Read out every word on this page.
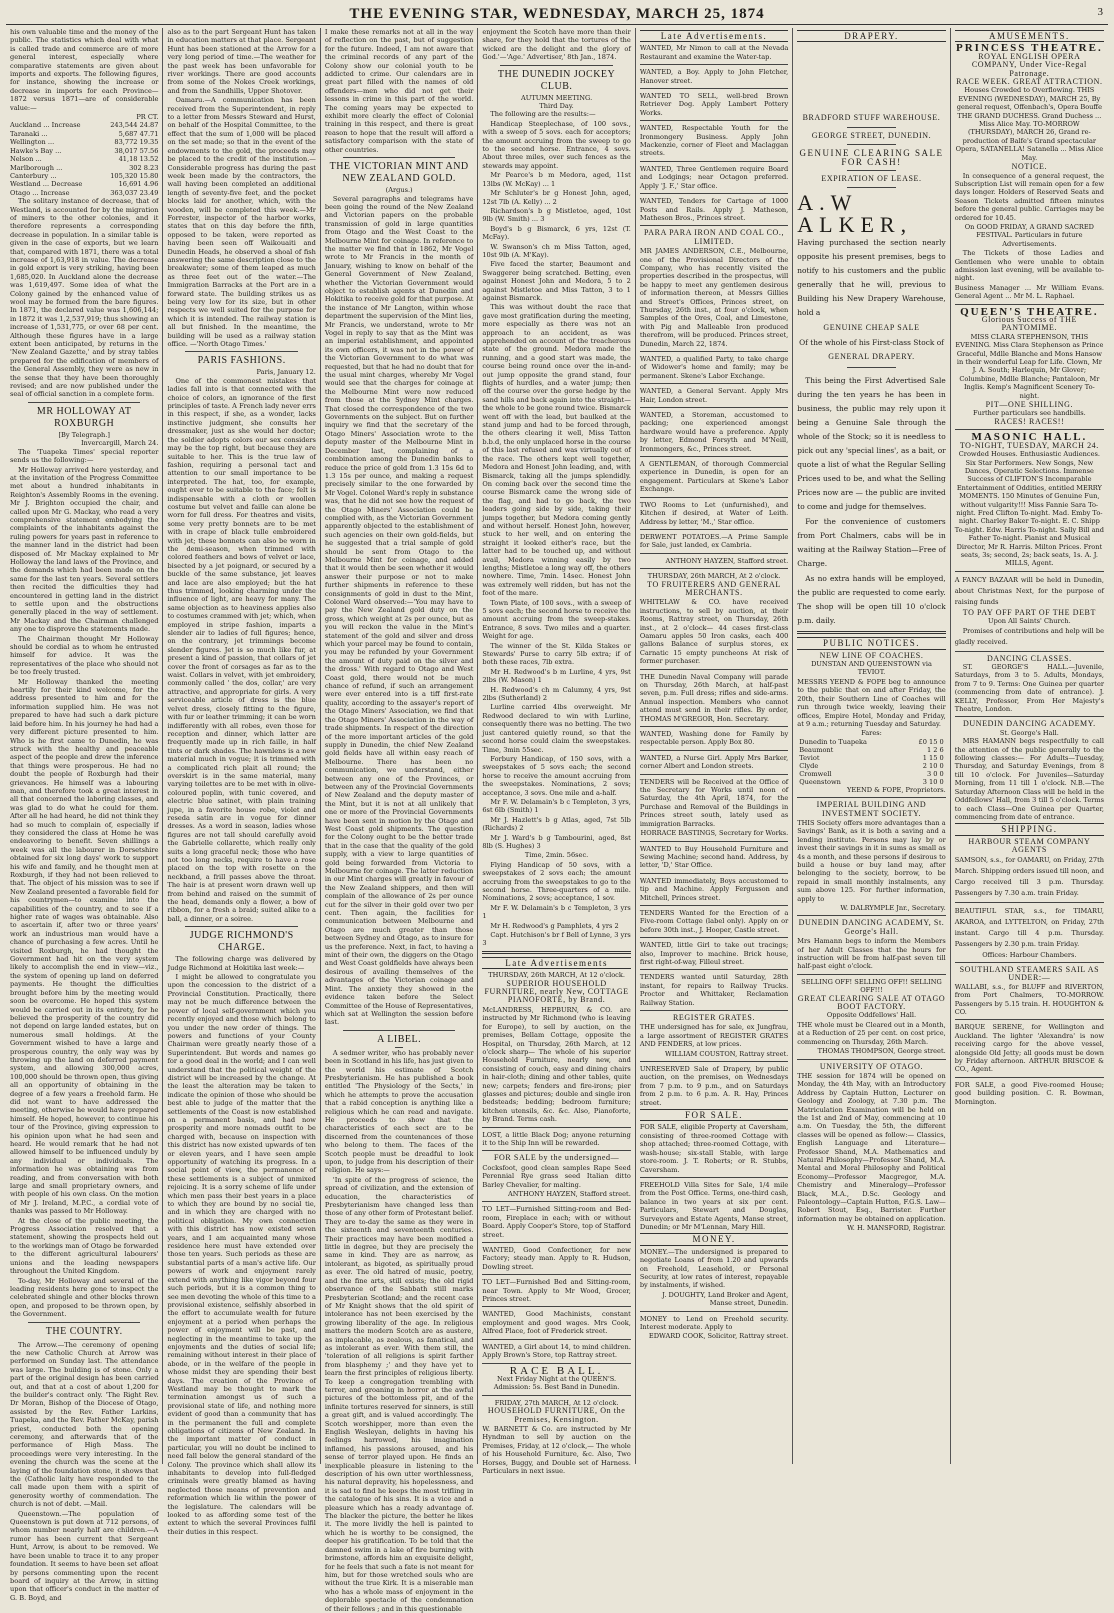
THE EVENING STAR, WEDNESDAY, MARCH 25, 1874	3

his own valuable time and the money of the public. The statistics which deal with what is called trade and commerce are of more general interest, especially where comparative statements are given about imports and exports. The following figures, for instance, showing the increase or decrease in imports for each Province—1872 versus 1871—are of considerable value:—

PR CT.
Auckland ... Increase	243,544 24.87
Taranaki ...	5,687 47.71
Wellington ...	83,772 19.35
Hawke's Bay ...	38,017 57.56
Nelson ...	41,18 13.52
Marlborough ...	302 8.23
Canterbury ...	105,320 15.80
Westland ... Decrease	16,691 4.96
Otago ... Increase	363,037 23.49

The solitary instance of decrease, that of Westland, is accounted for by the migration of miners to the other colonies, and it therefore represents a corresponding decrease in population. In a similar table is given in the case of exports, but we learn that, compared with 1871, there was a total increase of 1,63,918 in value. The decrease in gold export is very striking, having been 1,685,020. In Auckland alone the decrease was 1,619,497. Some idea of what the Colony gained by the enhanced value of wool may be formed from the bare figures. In 1871, the declared value was 1,606,144; in 1872 it was 1,2,537,919; thus showing an increase of 1,531,775, or over 68 per cent. Although these figures have in a large extent been anticipated, by returns in the 'New Zealand Gazette,' and by stray tables prepared for the edification of members of the General Assembly, they were as new in the sense that they have been thoroughly revised; and are now published under the seal of official sanction in a complete form.

MR HOLLOWAY AT ROXBURGH
[By Telegraph.]
Invercargill, March 24.

The 'Tuapeka Times' special reporter sends us the following:—

Mr Holloway arrived here yesterday, and at the invitation of the Progress Committee met about a hundred inhabitants in Reighton's Assembly Rooms in the evening. Mr J. Brighton occupied the chair, and called upon Mr G. Mackay, who read a very comprehensive statement embodying the complaints of the inhabitants against the ruling powers for years past in reference to the manner land in the district had been disposed of. Mr Mackay explained to Mr Holloway the land laws of the Province, and the demands which had been made on the same for the last ten years. Several settlers then recited the difficulties they had encountered in getting land in the district to settle upon and the obstructions generally placed in the way of settlement. Mr Mackay and the Chairman challenged any one to disprove the statements made.

The Chairman thought Mr Holloway should be cordial as to whom he entrusted himself for advice. It was the representatives of the place who should not be too freely trusted.

Mr Holloway thanked the meeting heartily for their kind welcome, for the address presented to him and for the information supplied him. He was not prepared to have had such a dark picture laid before him. In his journey he had had a very different picture presented to him. Who is he first came to Dunedin, he was struck with the healthy and peaceable aspect of the people and drew the inference that things were prosperous. He had no doubt the people of Roxburgh had their grievances. He himself was a labouring man, and therefore took a great interest in all that concerned the laboring classes, and was glad to do what he could for them. After all he had heard, he did not think they had so much to complain of, especially if they considered the class at Home he was endeavoring to benefit. Seven shillings a week was all the labourer in Dorsetshire obtained for six long days' work to support his wife and family, and he thought men at Roxburgh, if they had not been relieved to that. The object of his mission was to see if New Zealand presented a favorable field for his countrymen—to examine into the capabilities of the country, and to see if a higher rate of wages was obtainable. Also to ascertain if, after two or three years' work an industrious man would have a chance of purchasing a few acres. Until he visited Roxburgh, he had thought the Government had hit on the very system likely to accomplish the end in view—viz., the system of opening up land on deferred payments. He thought the difficulties brought before him by the meeting would soon be overcome. He hoped this system would be carried out in its entirety, for he believed the prosperity of the country did not depend on large landed estates, but on numerous small holdings. At the Government wished to have a large and prosperous country, the only way was by throwing up the land on deferred payment system, and allowing 300,000 acres, 100,000 should be thrown open, thus giving all an opportunity of obtaining in the degree of a few years a freehold farm. He did not want to have addressed the meeting, otherwise he would have prepared himself. He hoped, however, to continue his tour of the Province, giving expression to his opinion upon what he had seen and heard. He would remark that he had not allowed himself to be influenced unduly by any individual or individuals. The information he was obtaining was from reading, and from conversation with both large and small proprietary owners, and with people of his own class. On the motion of Mr J. Ireland, M.P.C., a cordial vote of thanks was passed to Mr Holloway.

At the close of the public meeting, the Progress Association resolved that a statement, showing the prospects held out to the workings man of Otago be forwarded to the different agricultural labourers' unions and the leading newspapers throughout the United Kingdom.

To-day, Mr Holloway and several of the leading residents here gone to inspect the celebrated shingle and other blocks thrown open, and proposed to be thrown open, by the Government.

THE COUNTRY.

The Arrow.—The ceremony of opening the new Catholic Church at Arrow was performed on Sunday last. The attendance was large. The building is of stone. Only a part of the original design has been carried out, and that at a cost of about 1,200 for the builder's contract only. 'The Right Rev. Dr Moran, Bishop of the Diocese of Otago, assisted by the Rev. Father Larkins, Tuapeka, and the Rev. Father McKay, parish priest, conducted both the opening ceremony, and afterwards that of the performance of High Mass. The proceedings were very interesting. In the evening the church was the scene at the laying of the foundation stone, it shows that the (Catholic laity have responded to the call made upon them with a spirit of generosity worthy of commendation. The church is not of debt. —Mail.

Queenstown.—The population of Queenstown is put down at 712 persons, of whom number nearly half are children.—A rumor has been current that Sergeant Hunt, Arrow, is about to be removed. We have been unable to trace it to any proper foundation. It seems to have been set afloat by persons commenting upon the recent board of inquiry at the Arrow, in sitting upon that officer's conduct in the matter of G. B. Boyd, and

also as to the part Sergeant Hunt has taken in education matters at that place. Sergeant Hunt has been stationed at the Arrow for a very long period of time.—The weather for the past week has been unfavorable for river workings. There are good accounts from some of the Nokes Creek workings, and from the Sandhills, Upper Shotover.

Oamaru.—A communication has been received from the Superintendent, in reply to a letter from Messrs Steward and Hurst, on behalf of the Hospital Committee, to the effect that the sum of 1,000 will be placed on the set made; so that in the event of the endowments to the gold, the proceeds may be placed to the credit of the institution.—Considerable progress has during the past week been made by the contractors, the wall having been completed an additional length of seventy-five feet, and the pocket blocks laid for another, which, with the wooden, will be completed this week.—Mr Forrester, inspector of the harbor works, states that on this day before the fifth, opposed to be taken, were reported as having been seen off Waikouaiti and Dunedin Heads, he observed a shoal of fish answering the same description close to the breakwater; some of them leaped as much as three feet out of the water.—The Immigration Barracks at the Port are in a forward state. The building strikes us as being very low for its size, but in other respects we well suited for the purpose for which it is intended. The railway station is all but finished. In the meantime, the building will be used as a railway station office. —'North Otago Times.'

PARIS FASHIONS.
Paris, January 12.

One of the commonest mistakes that ladies fall into is that connected with the choice of colors, an ignorance of the first principles of taste. A French lady never errs in this respect, if she, as a wonder, lacks instinctive judgment, she consults her dressmaker, just as she would her doctor; the soldier adopts colors our sex considers may be the top right, but because they are suitable to her. This is the true law of fashion, requiring a personal tact and attention to our small importance to be interpreted. The hat, too, for example, ought ever to be suitable to the face; felt is indispensable with a cloth or woollen costume but velvet and faille can alone be worn for full dress. For theatres and visits, some very pretty bonnets are to be met with in crape of black tulle embroidered with jet; these bonnets can also be worn in the demi-season, when trimmed with colored feathers and bows of velvet or lace, bisected by a jet poignard, or secured by a buckle of the same substance, jet leaves and lace are also employed; but the hat thus trimmed, looking charming under the influence of light, are heavy for many. The same objection as to heaviness applies also to costumes crammed with jet; which, when employed in stripe fashion, imparts a slender air to ladies of full figures; hence, on the contrary, jet trimmings become slender figures. Jet is so much like fur, at present a kind of passion, that collars of jet cover the front of corsages as far as to the waist. Collars in velvet, with jet embroidery, commonly called ' the dos, collar,' are very attractive, and appropriate for girls. A very serviceable article of dress is the blue velvet dress, closely fitting to the figure, with fur or leather trimming; it can be worn indifferently with all robes, even those for reception and dinner, which latter are frequently made up in rich faille, in half tints or dark shades. The hawnlens is a new material much in vogue; it is trimmed with a complicated rich plait all round; the overskirt is in the same material, many varying toilettes are to be met with in olive-coloured poplin, with tunic covered, and electric blue satinet, with plain training jupe, in a favorite house robe, violet and reseda satin are in vogue for dinner dresses. As a word in season, ladies whose figures are not tall should carefully avoid the Gabrielle collarette, which really only suits a long graceful neck; those who have not too long necks, require to have a rose placed on the top with rosette on the neckband, a frill passes above the throat. The hair is at present worn drawn well up from behind and raised on the summit of the head, demands only a flower, a bow of ribbon, for a fresh a braid; suited alike to a ball, a dinner, or a soiree.

JUDGE RICHMOND'S CHARGE.

The following charge was delivered by Judge Richmond at Hokitika last week:—

I might be allowed to congratulate you upon the concession to the district of a Provincial Constitution. Practically, there may not be much difference between the power of local self-government which you recently enjoyed and those which belong to you under the new order of things. The powers and functions of your County Chairman were greatly nearly those of a Superintendent. But words and names go for a good deal in the world; and I can well understand that the political weight of the district will be increased by the change. At the least the alteration may be taken to indicate the opinion of those who should be best able to judge of the matter that the settlements of the Coast is now established on a permanent basis, and had now prosperity and more nomads outfit to be charged with, because on inspection with this district has now existed upwards of ten or eleven years, and I have seen ample opportunity of watching its progress. In a social point of view, the permanence of these settlements is a subject of unmixed rejoicing. It is a sorry scheme of life under which men pass their best years in a place to which they are bound by no social tie, and in which they are charged with no political obligation. My own connection with this district has now existed seven years, and I am acquainted many whose residence here must have extended over those ten years. Such periods as these are substantial parts of a man's active life. Our powers of work and enjoyment rarely extend with anything like vigor beyond four such periods, but it is a common thing to see men devoting the whole of this time to a provisional existence, selfishly absorbed in the effort to accumulate wealth for future enjoyment at a period when perhaps the power of enjoyment will be past, and neglecting in the meantime to take up the enjoyments and the duties of social life; remaining without interest in their place of abode, or in the welfare of the people in whose midst they are spending their best days. The creation of the Province of Westland may be thought to mark the termination amongst us of such a provisional state of life, and nothing more evident of good than a community that has in the permanent the full and complete obligations of citizens of New Zealand. In the important matter of conduct in particular, you will no doubt be inclined to need fall below the general standard of the Colony. The province which shall allow its inhabitants to develop into full-fledged criminals were greatly blamed as having neglected those means of prevention and reformation which lie within the power of the legislature. The calendars will be looked to as affording some test of the extent to which the several Provinces fulfil their duties in this respect.

I make these remarks not at all in the way of reflection on the past, but of suggestion for the future. Indeed, I am not aware that the criminal records of any part of the Colony show our colonial youth to be addicted to crime. Our calendars are in great part filled with the names of old offenders—men who did not get their lessons in crime in this part of the world. The coming years may be expected to exhibit more clearly the effect of Colonial training in this respect, and there is great reason to hope that the result will afford a satisfactory comparison with the state of other countries.

THE VICTORIAN MINT AND NEW ZEALAND GOLD.
(Argus.)

Several paragraphs and telegrams have been going the round of the New Zealand and Victorian papers on the probable transmission of gold in large quantities from Otago and the West Coast to the Melbourne Mint for coinage. In reference to the matter we find that in 1862, Mr Vogel wrote to Mr Francis in the month of January, wishing to know on behalf of the General Government of New Zealand, whether the Victorian Government would object to establish agents at Dunedin and Hokitika to receive gold for that purpose. At the instance of Mr Langton, within whose department the supervision of the Mint lies, Mr Francis, we understand, wrote to Mr Vogel in reply to say that as the Mint was an imperial establishment, and appointed its own officers, it was not in the power of the Victorian Government to do what was requested, but that he had no doubt that for the usual mint charges, whereby Mr Vogel would see that the charges for coinage at the Melbourne Mint were now reduced from those at the Sydney Mint charges. That closed the correspondence of the two Governments on the subject. But on further inquiry we find that the secretary of the Otago Miners' Association wrote to the deputy master of the Melbourne Mint in December last, complaining of a combination among the Dunedin banks to reduce the price of gold from 1.3 15s 6d to 1.3 15s per ounce, and making a request precisely similar to the one forwarded by Mr Vogel. Colonel Ward's reply in substance was, that he did not see how the request of the Otago Miners' Association could be complied with, as the Victorian Government apparently objected to the establishment of such agencies on their own gold-fields, but he suggested that a trial sample of gold should be sent from Otago to the Melbourne Mint for coinage, and added that it would then be seen whether it would answer their purpose or not to make further shipments in reference to these consignments of gold in dust to the Mint, Colonel Ward observed:—'You may have to pay the New Zealand gold duty on the gross, which weight at 2s per ounce, but as you will reckon the value in the Mint's statement of the gold and silver and dross which your parcel may be found to contain, you may be refunded by your Government the amount of duty paid on the silver and the dross.' With regard to Otago and West Coast gold, there would not be much chance of refund, if such an arrangement were ever entered into is a tiff first-rate quality, according to the assayer's report of the Otago Miners' Association, we find that the Otago Miners' Association in the way of trade shipments. In respect of the direction of the more important articles of the gold supply in Dunedin, the chief New Zealand gold fields have all within easy reach of Melbourne. There has been no communication, we understand, either between any one of the Provinces, or between any of the Provincial Governments of New Zealand and the deputy master of the Mint, but it is not at all unlikely that one or more of the Provincial Governments have been sent in motion by the Otago and West Coast gold shipments. The question for the Colony ought to be the better trade that in the case that the quality of the gold supply, with a view to large quantities of gold being forwarded from Victoria to Melbourne for coinage. The latter reduction in our Mint charges will greatly in favour of the New Zealand shippers, and then will complain of the allowance of 2s per ounce cut for the silver in their gold over two per cent. Then again, the facilities for communication between Melbourne and Otago are much greater than those between Sydney and Otago, as to insure for us the preference. Next, in fact, to having a mint of their own, the diggers on the Otago and West Coast goldfields have always been desirous of availing themselves of the advantages of the Victorian coinage and Mint. The anxiety they showed in the evidence taken before the Select Committee of the House of Representatives, which sat at Wellington the session before last.

A LIBEL.

A sedmer writer, who has probably never been in Scotland in his life, has just given to the world his estimate of Scotch Presbyterianism. He has published a book entitled 'The Physiology of the Sects,' in which he attempts to prove the accusation that a rabid conception is anything like a religious which he can read and navigate. He proceeds to show that the characteristics of each sect are to be discerned from the countenances of those who belong to them. The faces of the Scotch people must be dreadful to look upon, to judge from his description of their religion. He says:—

'In spite of the progress of science, the spread of civilization, and the extension of education, the characteristics of Presbyterianism have changed less than those of any other form of Protestant belief. They are to-day the same as they were in the sixteenth and seventeenth centuries. Their practices may have been modified a little in degree, but they are precisely the same in kind. They are as narrow, as intolerant, as bigoted, as spiritually proud as ever. The old hatred of music, poetry, and the fine arts, still exists; the old rigid observance of the Sabbath still marks Presbyterian Scotland; and the recent case of Mr Knight shows that the old spirit of intolerance has not been exercised by the growing liberality of the age. In religious matters the modern Scotch are as austere, as implacable, as zealous, as fanatical, and as intolerant as ever. With them still, the 'toleration of all religions is spirit farther from blasphemy ;' and they have yet to learn the first principles of religious liberty. To keep a congregation trembling with terror, and groaning in horror at the awful pictures of the bottomless pit, and of the infinite tortures reserved for sinners, is still a great gift, and is valued accordingly. The Scotch worshipper, more than even the English Wesleyan, delights in having his feelings harrowed, his imagination inflamed, his passions aroused, and his sense of terror played upon. He finds an inexplicable pleasure in listening to the description of his own utter worthlessness, his natural depravity, his hopelessness, and it is sad to find he keeps the most trifling in the catalogue of his sins. It is a vice and a pleasure which has a ready advantage of. The blacker the picture, the better he likes it. The more lividly the hell is painted to which he is worthy to be consigned, the deeper his gratification. To be told that the damned swim in a lake of fire burning with brimstone, affords him an exquisite delight, for he feels that such a fate is not meant for him, but for those wretched souls who are without the true Kirk. It is a miserable man who has a whole mass of enjoyment in the deplorable spectacle of the condemnation of their fellows ; and in this questionable

enjoyment the Scotch have more than their share, for they hold that the tortures of the wicked are the delight and the glory of God.'—'Age.' Advertiser,' 8th Jan., 1874.

THE DUNEDIN JOCKEY CLUB.
AUTUMN MEETING.
Third Day.

The following are the results:—

Handicap Steeplechase, of 100 sovs., with a sweep of 5 sovs. each for acceptors; the amount accruing from the sweep to go to the second horse. Entrance, 4 sovs. About three miles, over such fences as the stewards may appoint.

Mr Pearce's b m Medora, aged, 11st 13lbs (W. McKay) ... 1

Mr Schluter's br g Honest John, aged, 12st 7lb (A. Kelly) ... 2

Richardson's b g Mistletoe, aged, 10st 9lb (W. Smith) ... 3

Boyd's b g Bismarck, 6 yrs, 12st (T. McFay).

W. Swanson's ch m Miss Tatton, aged, 10st 9lb (A. M'Kay).

Five faced the starter, Beaumont and Swaggerer being scratched. Betting, even against Honest John and Medora, 5 to 2 against Mistletoe and Miss Tatton, 3 to 1 against Bismarck.

This was without doubt the race that gave most gratification during the meeting, more especially as there was not an approach to an accident, as was apprehended on account of the treacherous state of the ground. Medora made the running, and a good start was made, the course being round once over the in-and-out jump opposite the grand stand, four flights of hurdles, and a water jump; then off the course over the gorse hedge by the sand hills and back again into the straight—the whole to be gone round twice. Bismarck went off with the lead, but baulked at the stand jump and had to be forced through, the others clearing it well, Miss Tatton b.b.d, the only unplaced horse in the course of this last refused and was virtually out of the race. The others kept well together, Medora and Honest John leading, and, with Bismarck, taking all the jumps splendidly. On coming back over the second time the course Bismarck came the wrong side of the flag, and had to go back, the two leaders going side by side, taking their jumps together, but Medora coming gently and without herself. Honest John, however, stuck to her well, and on entering the straight it looked either's race, but the latter had to be touched up, and without avail, Medora winning easily by two lengths; Mistletoe a long way off, the others nowhere. Time, 7min. 14sec. Honest John was extremely well ridden, but has not the foot of the mare.

Town Plate, of 100 sovs., with a sweep of 5 sovs each; the second horse to receive the amount accruing from the sweep-stakes. Entrance, 8 sovs. Two miles and a quarter. Weight for age.

The winner of the St. Kilda Stakes or Stewards' Purse to carry 5lb extra; if of both these races, 7lb extra.

Mr H. Redwood's b m Lurline, 4 yrs, 9st 2lbs (W. Mason) 1

H. Redwood's ch m Calumny, 4 yrs, 9st 2lbs (Sutherland) 2

Lurline carried 4lbs overweight. Mr Redwood declared to win with Lurline, consequently there was no betting. The two just cantered quietly round, so that the second horse could claim the sweepstakes. Time, 3min 55sec.

Forbury Handicap, of 150 sovs, with a sweepstakes of 5 sovs each; the second horse to receive the amount accruing from the sweepstakes. Nominations, 2 sovs; acceptance, 3 sovs. One mile and a-half.

Mr F. W. Delamain's b c Templeton, 3 yrs, 6st 6lb (Smith) 1

Mr J. Hazlett's b g Atlas, aged, 7st 5lb (Richards) 2

Mr J. Ward's b g Tambourini, aged, 8st 8lb (S. Hughes) 3

Time, 2min. 56sec.

Flying Handicap of 50 sovs, with a sweepstakes of 2 sovs each; the amount accruing from the sweepstakes to go to the second horse. Three-quarters of a mile. Nominations, 2 sovs; acceptance, 1 sov.

Mr F. W. Delamain's b c Templeton, 3 yrs 1

Mr H. Redwood's g Pamphlets, 4 yrs 2

Capt. Hutchison's br f Bell of Lynne, 3 yrs 3

Late Advertisements
THURSDAY, 26th MARCH, At 12 o'clock.
SUPERIOR HOUSEHOLD FURNITURE, nearly New, COTTAGE PIANOFORTE, by Brand.

McLANDRESS, HEPBURN, & CO. are instructed by Mr Richmond (who is leaving for Europe), to sell by auction, on the premises, Bellam Cottage, opposite the Hospital, on Thursday, 26th March, at 12 o'clock sharp— The whole of his superior Household Furniture, nearly new, and consisting of couch, easy and dining chairs in hair-cloth; dining and other tables, quite new; carpets; fenders and fire-irons; pier glasses and pictures; double and single iron bedsteads; bedding; bedroom furniture; kitchen utensils, &c. &c. Also, Pianoforte, by Brand. Terms cash.

LOST, a little Black Dog; anyone returning it to the Ship Inn will be rewarded.

FOR SALE by the undersigned—

Cocksfoot, good clean samples Rape Seed Perennial Rye grass seed Italian ditto Barley Chevalier, for malting.

ANTHONY HAYZEN, Stafford street.

TO LET—Furnished Sitting-room and Bed-room, Fireplace in each; with or without Board. Apply Cooper's Store, top of Stafford street.

WANTED, Good Confectioner, for new Factory; steady man. Apply to R. Hudson, Dowling street.

TO LET—Furnished Bed and Sitting-room, near Town. Apply to Mr Wood, Grocer, Princes street.

WANTED, Good Machinists, constant employment and good wages. Mrs Cook, Alfred Place, foot of Frederick street.

WANTED, a Girl about 14, to mind children. Apply Brown's Store, top Rattray street.

RACE BALL.
Next Friday Night at the QUEEN'S. Admission: 5s. Best Band in Dunedin.
FRIDAY, 27th MARCH, At 12 o'clock.
HOUSEHOLD FURNITURE, On the Premises, Kensington.

W. BARNETT & Co. are instructed by Mr Hyndman to sell by auction on the Premises, Friday, at 12 o'clock,— The whole of his Household Furniture, &c. Also, Two Horses, Buggy, and Double set of Harness. Particulars in next issue.

Late Advertisements.

WANTED, Mr Nimon to call at the Nevada Restaurant and examine the Water-tap.

WANTED, a Boy. Apply to John Fletcher, Hanover street.

WANTED TO SELL, well-bred Brown Retriever Dog. Apply Lambert Pottery Works.

WANTED, Respectable Youth for the Ironmongery Business. Apply John Mackenzie, corner of Fleet and Maclaggan streets.

WANTED, Three Gentlemen require Board and Lodgings; near Octagon preferred. Apply 'J. F.,' Star office.

WANTED, Tenders for Cartage of 1000 Posts and Rails. Apply J. Matheson, Matheson Bros., Princes street.

PARA PARA IRON AND COAL CO., LIMITED.

MR JAMES ANDERSON, C.E., Melbourne, one of the Provisional Directors of the Company, who has recently visited the properties described in the prospectus, will be happy to meet any gentlemen desirous of information thereon, at Messrs Gillies and Street's Offices, Princes street, on Thursday, 26th inst., at four o'clock, when Samples of the Ores, Coal, and Limestone, with Pig and Malleable Iron produced therefrom, will be produced. Princes street, Dunedin, March 22, 1874.

WANTED, a qualified Party, to take charge of Widower's home and family; may be permanent. Skene's Labor Exchange.

WANTED, a General Servant. Apply Mrs Hair, London street.

WANTED, a Storeman, accustomed to packing; one experienced amongst hardware would have a preference. Apply by letter, Edmond Forsyth and M'Neill, Ironmongers, &c., Princes street.

A GENTLEMAN, of thorough Commercial experience in Dunedin, is open for an engagement. Particulars at Skene's Labor Exchange.

TWO Rooms to Let (unfurnished), and Kitchen if desired, at Water of Leith. Address by letter, 'M.,' Star office.

DERWENT POTATOES.—A Prime Sample for Sale, just landed, ex Cambria.

ANTHONY HAYZEN, Stafford street.
THURSDAY, 26th MARCH, At 2 o'clock.
TO FRUITERERS AND GENERAL MERCHANTS.

WHITELAW & CO. have received instructions, to sell by auction, at their Rooms, Rattray street, on Thursday, 26th inst., at 2 o'clock— 44 cases first-class Oamaru apples 50 Iron casks, each 400 gallons Balance of surplus stores, ex Carnatic 15 empty puncheons At risk of former purchaser.

THE Dunedin Naval Company will parade on Thursday, 26th March, at half-past seven, p.m. Full dress; rifles and side-arms. Annual inspection. Members who cannot attend must send in their rifles. By order, THOMAS M'GREGOR, Hon. Secretary.

WANTED, Washing done for Family by respectable person. Apply Box 80.

WANTED, a Nurse Girl. Apply Mrs Barker, corner Albert and London streets.

TENDERS will be Received at the Office of the Secretary for Works until noon of Saturday, the 4th April, 1874, for the Purchase and Removal of the Buildings in Princes street south, lately used as immigration Barracks.

HORRACE BASTINGS, Secretary for Works.

WANTED to Buy Household Furniture and Sewing Machine; second hand. Address, by letter, 'D,' Star Office.

WANTED immediately, Boys accustomed to tip and Machine. Apply Fergusson and Mitchell, Princes street.

TENDERS Wanted for the Erection of a Five-room Cottage (label only). Apply on or before 30th inst., J. Hooper, Castle street.

WANTED, little Girl to take out tracings; also, Improver to machine. Brick house, first right-of-way, Filleul street.

TENDERS wanted until Saturday, 28th instant, for repairs to Railway Trucks. Proctor and Whittaker, Reclamation Railway Station.

REGISTER GRATES.

THE undersigned has for sale, ex Jungfrau, a large assortment of REGISTER GRATES AND FENDERS, at low prices.

WILLIAM COUSTON, Rattray street.

UNRESERVED Sale of Drapery, by public auction, on the premises, on Wednesdays from 7 p.m. to 9 p.m., and on Saturdays from 2 p.m. to 6 p.m. A. R. Hay, Princes street.

FOR SALE.

FOR SALE, eligible Property at Caversham, consisting of three-roomed Cottage with shop attached; three-roomed Cottage, with wash-house; six-stall Stable, with large store-room. J. T. Roberts; or R. Stubbs, Caversham.

FREEHOLD Villa Sites for Sale, 1/4 mile from the Post Office. Terms, one-third cash, balance in two years at six per cent. Particulars, Stewart and Douglas, Surveyors and Estate Agents, Manse street, Dunedin; or Mr M'Lennan, Mary Hill.

MONEY.

MONEY.—The undersigned is prepared to negotiate Loans of from 1.20 and upwards on Freehold, Leasehold, or Personal Security, at low rates of interest, repayable by instalments, if wished.

J. DOUGHTY, Land Broker and Agent, Manse street, Dunedin.

MONEY to Lend on Freehold security. Interest moderate. Apply to

EDWARD COOK, Solicitor, Rattray street.
DRAPERY.
BRADFORD STUFF WAREHOUSE.
GEORGE STREET, DUNEDIN.
GENUINE CLEARING SALE FOR CASH!
EXPIRATION OF LEASE.
A.W ALKER,

Having purchased the section nearly opposite his present premises, begs to notify to his customers and the public generally that he will, previous to Building his New Drapery Warehouse, hold a

GENUINE CHEAP SALE

Of the whole of his First-class Stock of

GENERAL DRAPERY.

This being the First Advertised Sale during the ten years he has been in business, the public may rely upon it being a Genuine Sale through the whole of the Stock; so it is needless to pick out any 'special lines', as a bait, or quote a list of what the Regular Selling Prices used to be, and what the Selling Prices now are — the public are invited to come and judge for themselves.

For the convenience of customers from Port Chalmers, cabs will be in waiting at the Railway Station—Free of Charge.

As no extra hands will be employed, the public are requested to come early. The shop will be open till 10 o'clock p.m. daily.

PUBLIC NOTICES.
NEW LINE OF COACHES.
DUNSTAN AND QUEENSTOWN via TEVIOT.

MESSRS YEEND & FOPE beg to announce to the public that on and after Friday, the 20th, their Southern Line of Coaches will run through twice weekly, leaving their offices, Empire Hotel, Monday and Friday, at 9 a.m.; returning Tuesday and Saturday.

Fares:
Dunedin to Tuapeka	£0 15 0
Beaumont	1 2 6
Teviot	1 15 0
Clyde	2 10 0
Cromwell	3 0 0
Queenstown	3 10 0
YEEND & FOPE, Proprietors.
IMPERIAL BUILDING AND INVESTMENT SOCIETY.

THIS Society offers more advantages than a Savings' Bank, as it is both a saving and a lending institute. Persons may lay by or invest their savings in it in sums as small as 4s a month, and these persons if desirous to build a house or buy land may, after belonging to the society, borrow, to be repaid in small monthly instalments, any sum above 125. For further information, apply to

W. DALRYMPLE Jnr., Secretary.
DUNEDIN DANCING ACADEMY, St. George's Hall.

Mrs Hamann begs to inform the Members of her Adult Classes that the hours for instruction will be from half-past seven till half-past eight o'clock.

SELLING OFF! SELLING OFF!! SELLING OFF!!!
GREAT CLEARING SALE AT OTAGO BOOT FACTORY.
Opposite Oddfellows' Hall.

THE whole must be Cleared out in a Month, at a Reduction of 25 per cent. on cost price, commencing on Thursday, 26th March.

THOMAS THOMPSON, George street.
UNIVERSITY OF OTAGO.

THE session for 1874 will be opened on Monday, the 4th May, with an Introductory Address by Captain Hutton, Lecturer on Geology and Zoology, at 7.30 p.m. The Matriculation Examination will be held on the 1st and 2nd of May, commencing at 10 a.m. On Tuesday, the 5th, the different classes will be opened as follow:— Classics, English Language and Literature—Professor Shand, M.A. Mathematics and Natural Philosophy—Professor Shand, M.A. Mental and Moral Philosophy and Political Economy—Professor Macgregor, M.A. Chemistry and Mineralogy—Professor Black, M.A., D.Sc. Geology and Paleontology—Captain Hutton, F.G.S. Law—Robert Stout, Esq., Barrister. Further information may be obtained on application.

W. H. MANSFORD, Registrar.
AMUSEMENTS.
PRINCESS THEATRE.
ROYAL ENGLISH OPERA COMPANY, Under Vice-Regal Patronage.
RACE WEEK. GREAT ATTRACTION.

Houses Crowded to Overflowing. THIS EVENING (WEDNESDAY), MARCH 25, By general request, Offenbach's, Opera Bouffe THE GRAND DUCHESS. Grand Duchess ... Miss Alice May. TO-MORROW (THURSDAY), MARCH 26, Grand re-production of Balfe's Grand spectacular Opera, SATANELLA! Satanella ... Miss Alice May.

NOTICE.

In consequence of a general request, the Subscription List will remain open for a few days longer. Holders of Reserved Seats and Season Tickets admitted fifteen minutes before the general public. Carriages may be ordered for 10.45.

On GOOD FRIDAY, A GRAND SACRED FESTIVAL. Particulars in future Advertisements.

The Tickets of those Ladies and Gentlemen who were unable to obtain admission last evening, will be available to-night.

Business Manager ... Mr William Evans. General Agent ... Mr M. L. Raphael.

QUEEN'S THEATRE.
Glorious Success of THE PANTOMIME.

MISS CLARA STEPHENSON, THIS EVENING. Miss Clara Stephenson as Prince Graceful, Mdlle Blanche and Mons Hansow in their wonderful Leap for Life. Clown, Mr J. A. South; Harlequin, Mr Glover; Columbine, Mdlle Blanche; Pantaloon, Mr Inglis. Kemp's Magnificent Scenery To-night.

PIT—ONE SHILLING.
Further particulars see handbills.
RACES! RACES!!
MASONIC HALL.
TO-NIGHT, TUESDAY, MARCH 24.

Crowded Houses. Enthusiastic Audiences. Six Star Performers. New Songs, New Dances, Operatic Selections. Immense Success of CLIFTON'S Incomparable Entertainment of Oddities, entitled MERRY MOMENTS. 150 Minutes of Genuine Fun, without vulgarity!!! Miss Fannie Sara To-night. Fred Clifton To-night. Mad. Emby To-night. Charley Baker To-night. E. C. Shipp To-night. Edw. Harris To-night. Sally Bill and Father To-night. Pianist and Musical Director, Mr R. Harris. Milton Prices. Front seats, 3s; second, 2s; back seats, 1s. A. J. MILLS, Agent.

A FANCY BAZAAR will be held in Dunedin, about Christmas Next, for the purpose of raising funds

TO PAY OFF PART OF THE DEBT
Upon All Saints' Church.

Promises of contributions and help will be gladly received.

DANCING CLASSES.

ST. GEORGE'S HALL.—Juvenile, Saturdays, from 3 to 5. Adults, Mondays, from 7 to 9. Terms: One Guinea per quarter (commencing from date of entrance). J. KELLY, Professor, From Her Majesty's Theatre, London.

DUNEDIN DANCING ACADEMY.
St. George's Hall.

MRS HAMANN begs respectfully to call the attention of the public generally to the following classes:— For Adults—Tuesday, Thursday, and Saturday Evenings, from 8 till 10 o'clock. For Juveniles—Saturday Morning, from 11 till 1 o'clock. N.B.—The Saturday Afternoon Class will be held in the Oddfellows' Hall, from 3 till 5 o'clock. Terms to each Class—One Guinea per Quarter, commencing from date of entrance.

SHIPPING.
HARBOUR STEAM COMPANY AGENTS

SAMSON, s.s., for OAMARU, on Friday, 27th March. Shipping orders issued till noon, and Cargo received till 3 p.m. Thursday. Passengers by 7.30 a.m. train Friday.

BEAUTIFUL STAR, s.s., for TIMARU, AKAROA, and LYTTELTON, on Friday, 27th instant. Cargo till 4 p.m. Thursday. Passengers by 2.30 p.m. train Friday.

Offices: Harbour Chambers.
SOUTHLAND STEAMERS SAIL AS UNDER:—

WALLABI, s.s., for BLUFF and RIVERTON, from Port Chalmers, TO-MORROW. Passengers by 5.15 train. H. HOUGHTON & CO.

BARQUE SERENE, for Wellington and Auckland. The lighter 'Alexandra' is now receiving cargo for the above vessel, alongside Old Jetty; all goods must be down by Friday afternoon. ARTHUR BRISCOE & CO., Agent.

FOR SALE, a good Five-roomed House; good building position. C. R. Bowman, Mornington.
